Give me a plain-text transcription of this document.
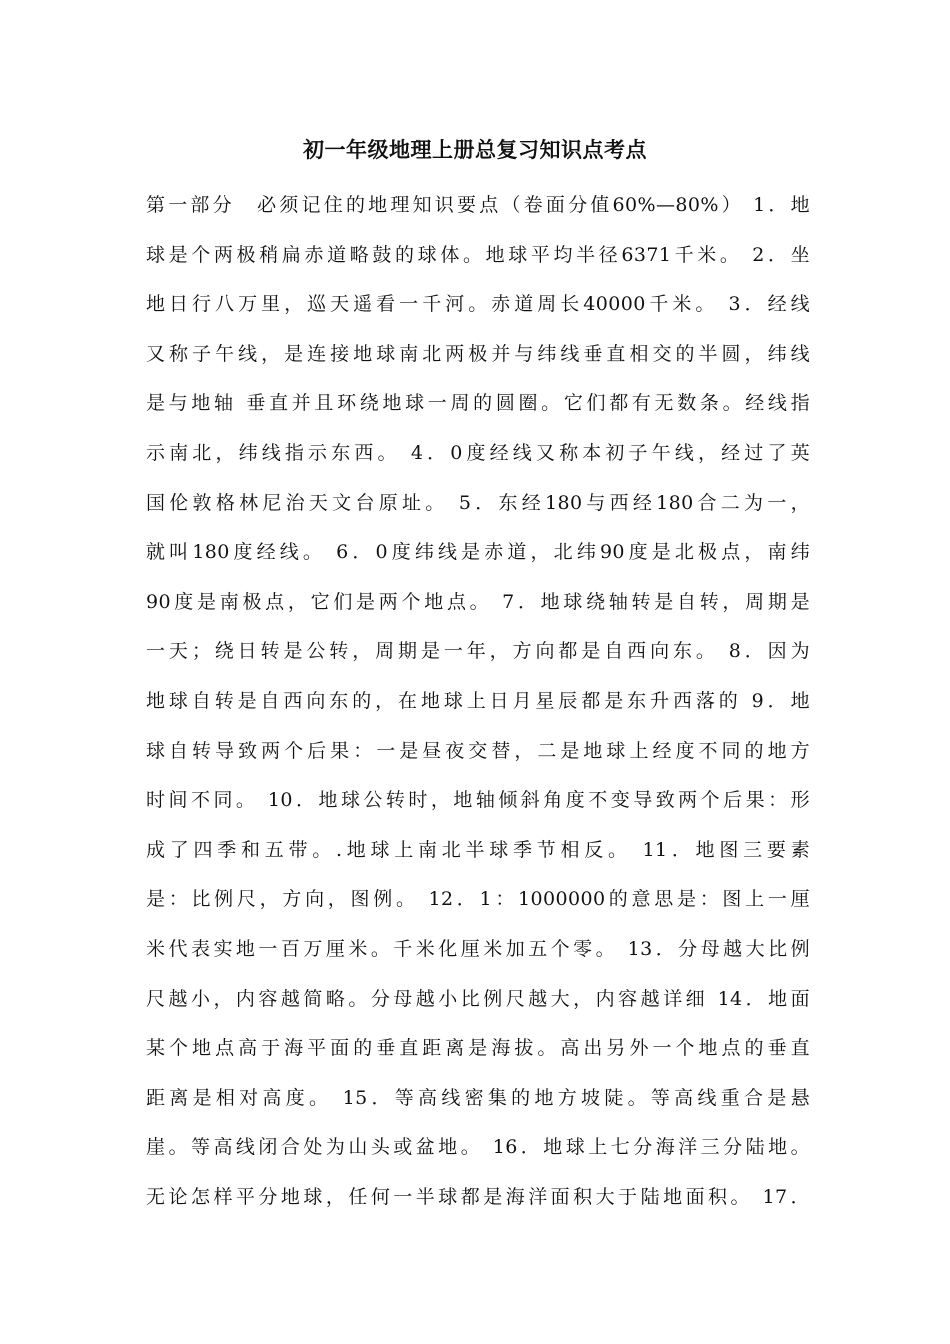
初一年级地理上册总复习知识点考点
第一部分　必须记住的地理知识要点（卷面分值60%—80%） 1．地
球是个两极稍扁赤道略鼓的球体。地球平均半径6371千米。 2．坐
地日行八万里，巡天遥看一千河。赤道周长40000千米。 3．经线
又称子午线，是连接地球南北两极并与纬线垂直相交的半圆，纬线
是与地轴 垂直并且环绕地球一周的圆圈。它们都有无数条。经线指
示南北，纬线指示东西。 4．0度经线又称本初子午线，经过了英
国伦敦格林尼治天文台原址。 5．东经180与西经180合二为一，
就叫180度经线。 6．0度纬线是赤道，北纬90度是北极点，南纬
90度是南极点，它们是两个地点。 7．地球绕轴转是自转，周期是
一天；绕日转是公转，周期是一年，方向都是自西向东。 8．因为
地球自转是自西向东的，在地球上日月星辰都是东升西落的 9．地
球自转导致两个后果：一是昼夜交替，二是地球上经度不同的地方
时间不同。 10．地球公转时，地轴倾斜角度不变导致两个后果：形
成了四季和五带。.地球上南北半球季节相反。 11．地图三要素
是：比例尺，方向，图例。 12．1：1000000的意思是：图上一厘
米代表实地一百万厘米。千米化厘米加五个零。 13．分母越大比例
尺越小，内容越简略。分母越小比例尺越大，内容越详细 14．地面
某个地点高于海平面的垂直距离是海拔。高出另外一个地点的垂直
距离是相对高度。 15．等高线密集的地方坡陡。等高线重合是悬
崖。等高线闭合处为山头或盆地。 16．地球上七分海洋三分陆地。
无论怎样平分地球，任何一半球都是海洋面积大于陆地面积。 17．
